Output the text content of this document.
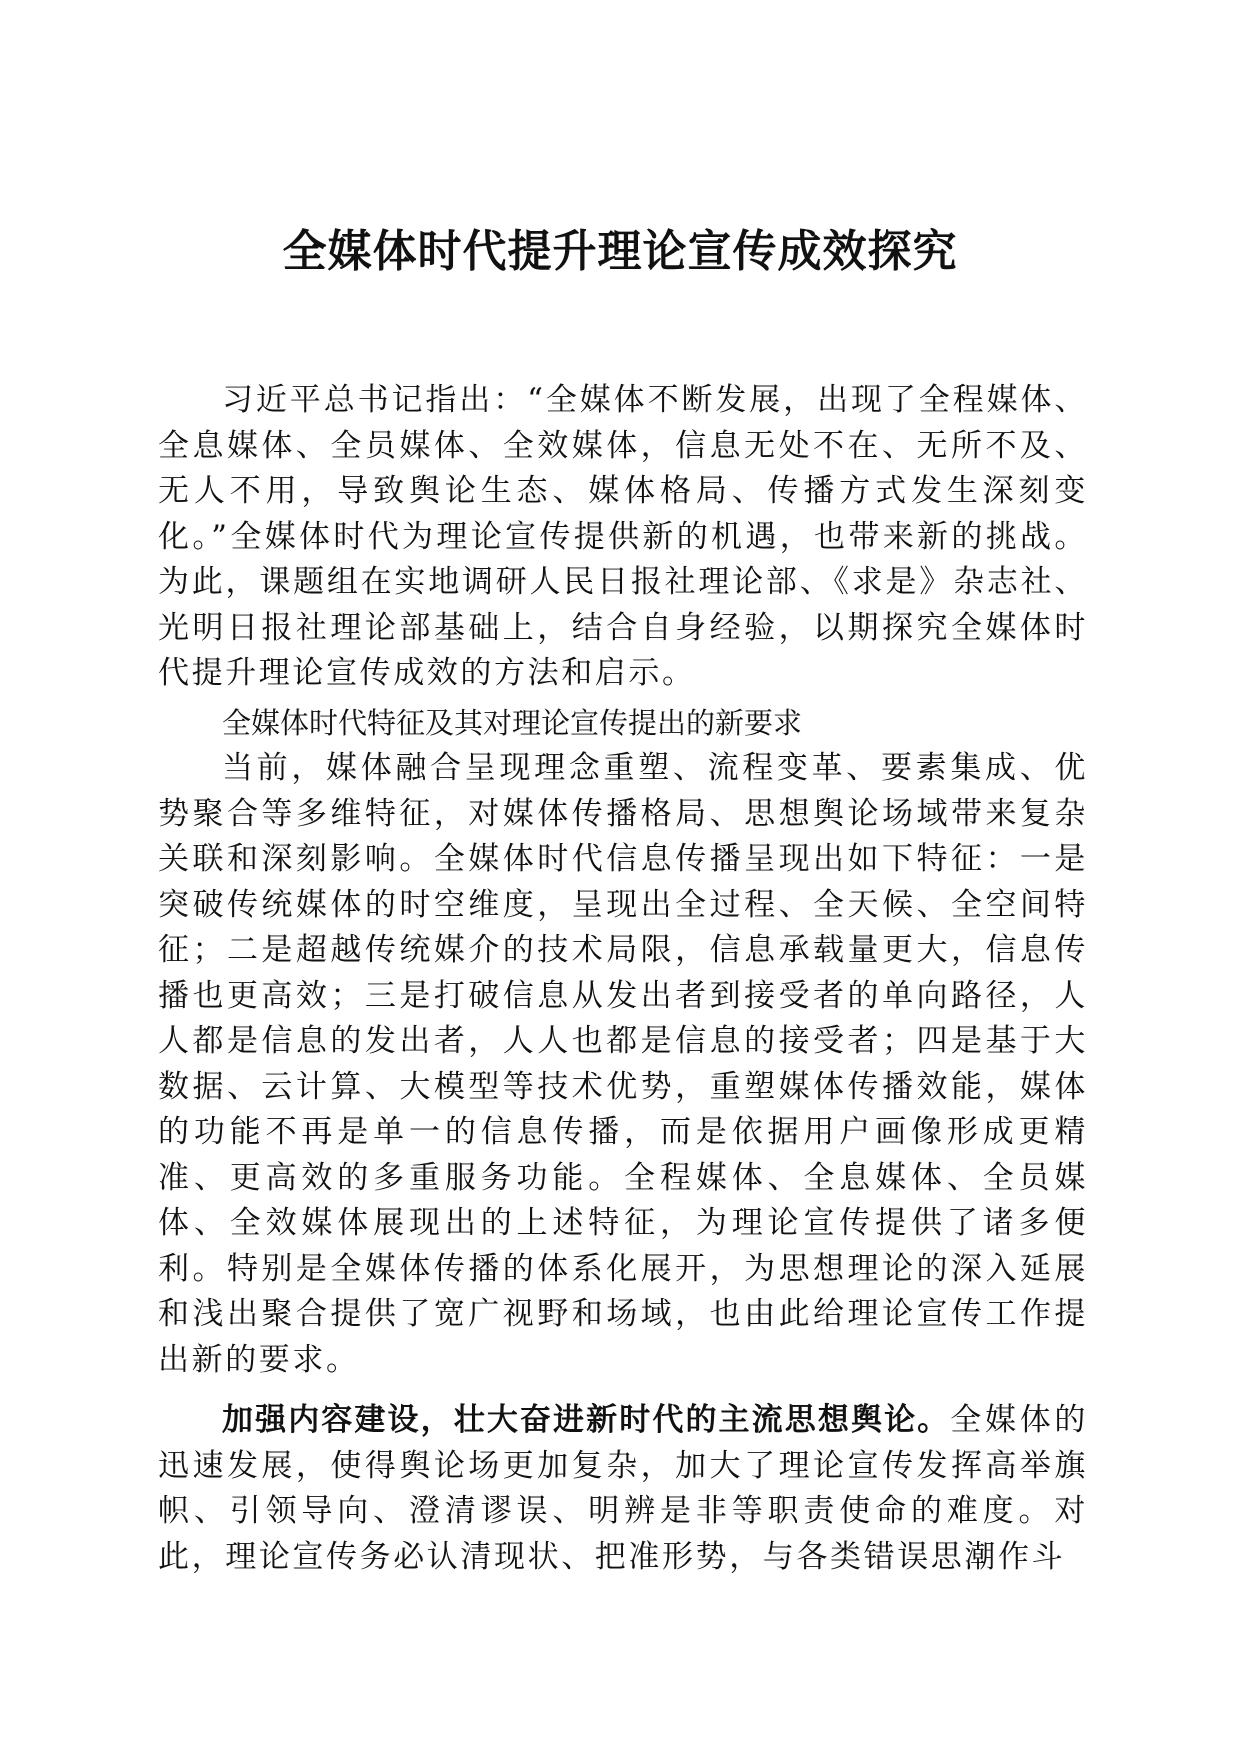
全媒体时代提升理论宣传成效探究

习近平总书记指出：“全媒体不断发展，出现了全程媒体、全息媒体、全员媒体、全效媒体，信息无处不在、无所不及、无人不用，导致舆论生态、媒体格局、传播方式发生深刻变化。”全媒体时代为理论宣传提供新的机遇，也带来新的挑战。为此，课题组在实地调研人民日报社理论部、《求是》杂志社、光明日报社理论部基础上，结合自身经验，以期探究全媒体时代提升理论宣传成效的方法和启示。

全媒体时代特征及其对理论宣传提出的新要求

当前，媒体融合呈现理念重塑、流程变革、要素集成、优势聚合等多维特征，对媒体传播格局、思想舆论场域带来复杂关联和深刻影响。全媒体时代信息传播呈现出如下特征：一是突破传统媒体的时空维度，呈现出全过程、全天候、全空间特征；二是超越传统媒介的技术局限，信息承载量更大，信息传播也更高效；三是打破信息从发出者到接受者的单向路径，人人都是信息的发出者，人人也都是信息的接受者；四是基于大数据、云计算、大模型等技术优势，重塑媒体传播效能，媒体的功能不再是单一的信息传播，而是依据用户画像形成更精准、更高效的多重服务功能。全程媒体、全息媒体、全员媒体、全效媒体展现出的上述特征，为理论宣传提供了诸多便利。特别是全媒体传播的体系化展开，为思想理论的深入延展和浅出聚合提供了宽广视野和场域，也由此给理论宣传工作提出新的要求。

加强内容建设，壮大奋进新时代的主流思想舆论。全媒体的迅速发展，使得舆论场更加复杂，加大了理论宣传发挥高举旗帜、引领导向、澄清谬误、明辨是非等职责使命的难度。对此，理论宣传务必认清现状、把准形势，与各类错误思潮作斗
